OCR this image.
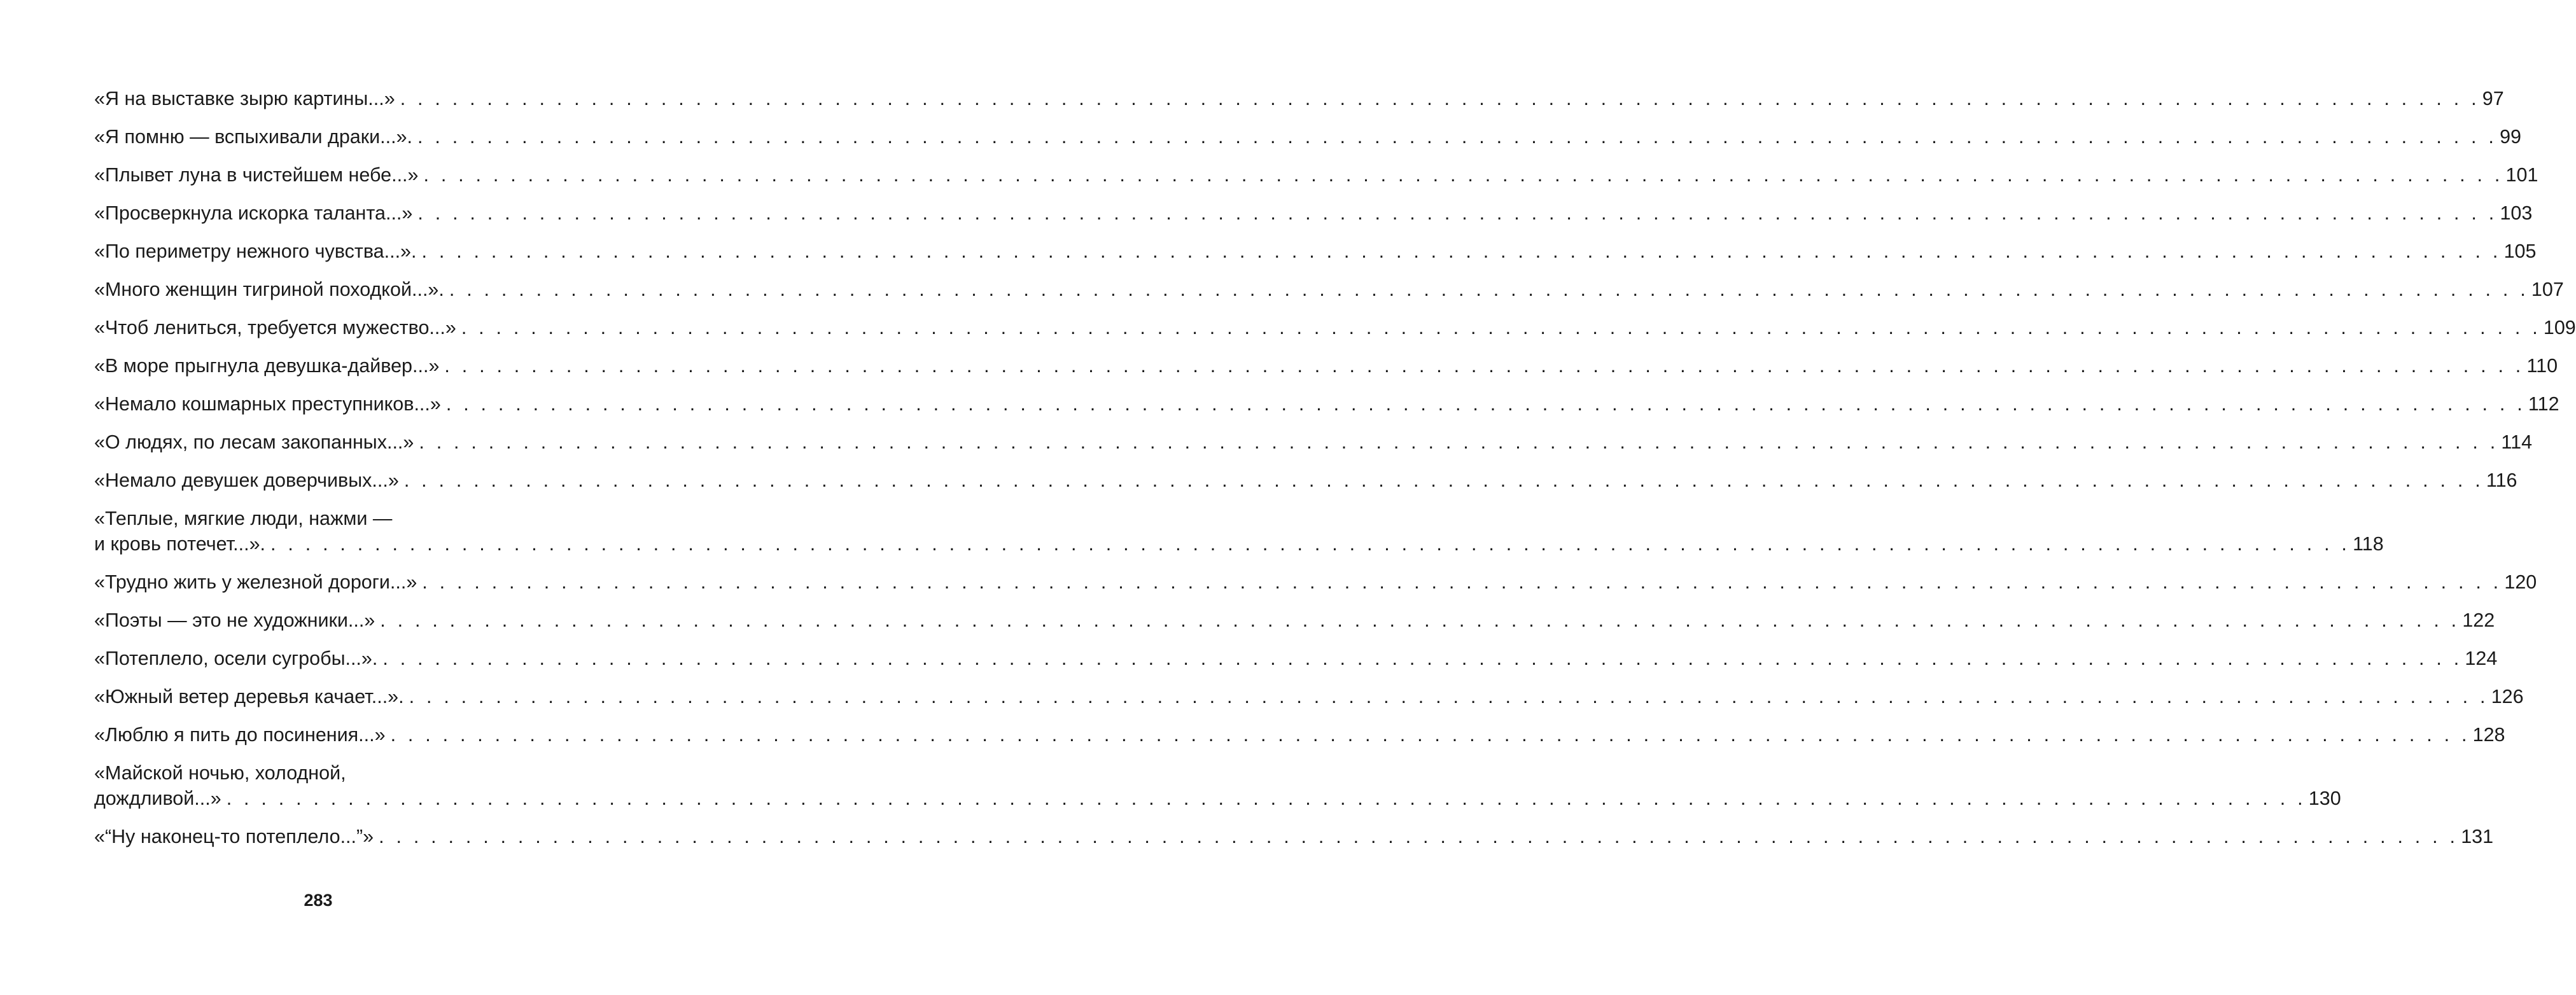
«Я на выставке зырю картины...» . . . . . . . . . . . . . . . . . . . . . . . . . . . . . . . . . . . . . . . . . . . . . . . . . . . . . . . . . . . . . . . . . . . . . . . . . . . . . . . . . . . . . . . . . . . . . . . . . . . . . . . . . . . . . . . . . . . . . . . . 97
«Я помню — вспыхивали драки...». . . . . . . . . . . . . . . . . . . . . . . . . . . . . . . . . . . . . . . . . . . . . . . . . . . . . . . . . . . . . . . . . . . . . . . . . . . . . . . . . . . . . . . . . . . . . . . . . . . . . . . . . . . . . . . . . . . . . . . . . 99
«Плывет луна в чистейшем небе...» . . . . . . . . . . . . . . . . . . . . . . . . . . . . . . . . . . . . . . . . . . . . . . . . . . . . . . . . . . . . . . . . . . . . . . . . . . . . . . . . . . . . . . . . . . . . . . . . . . . . . . . . . . . . . . . . . . . . . . . . 101
«Просверкнула искорка таланта...» . . . . . . . . . . . . . . . . . . . . . . . . . . . . . . . . . . . . . . . . . . . . . . . . . . . . . . . . . . . . . . . . . . . . . . . . . . . . . . . . . . . . . . . . . . . . . . . . . . . . . . . . . . . . . . . . . . . . . . . . 103
«По периметру нежного чувства...». . . . . . . . . . . . . . . . . . . . . . . . . . . . . . . . . . . . . . . . . . . . . . . . . . . . . . . . . . . . . . . . . . . . . . . . . . . . . . . . . . . . . . . . . . . . . . . . . . . . . . . . . . . . . . . . . . . . . . . . . 105
«Много женщин тигриной походкой...». . . . . . . . . . . . . . . . . . . . . . . . . . . . . . . . . . . . . . . . . . . . . . . . . . . . . . . . . . . . . . . . . . . . . . . . . . . . . . . . . . . . . . . . . . . . . . . . . . . . . . . . . . . . . . . . . . . . . . . . . 107
«Чтоб лениться, требуется мужество...» . . . . . . . . . . . . . . . . . . . . . . . . . . . . . . . . . . . . . . . . . . . . . . . . . . . . . . . . . . . . . . . . . . . . . . . . . . . . . . . . . . . . . . . . . . . . . . . . . . . . . . . . . . . . . . . . . . . . . . . . 109
«В море прыгнула девушка-дайвер...» . . . . . . . . . . . . . . . . . . . . . . . . . . . . . . . . . . . . . . . . . . . . . . . . . . . . . . . . . . . . . . . . . . . . . . . . . . . . . . . . . . . . . . . . . . . . . . . . . . . . . . . . . . . . . . . . . . . . . . . . 110
«Немало кошмарных преступников...» . . . . . . . . . . . . . . . . . . . . . . . . . . . . . . . . . . . . . . . . . . . . . . . . . . . . . . . . . . . . . . . . . . . . . . . . . . . . . . . . . . . . . . . . . . . . . . . . . . . . . . . . . . . . . . . . . . . . . . . . 112
«О людях, по лесам закопанных...» . . . . . . . . . . . . . . . . . . . . . . . . . . . . . . . . . . . . . . . . . . . . . . . . . . . . . . . . . . . . . . . . . . . . . . . . . . . . . . . . . . . . . . . . . . . . . . . . . . . . . . . . . . . . . . . . . . . . . . . . 114
«Немало девушек доверчивых...» . . . . . . . . . . . . . . . . . . . . . . . . . . . . . . . . . . . . . . . . . . . . . . . . . . . . . . . . . . . . . . . . . . . . . . . . . . . . . . . . . . . . . . . . . . . . . . . . . . . . . . . . . . . . . . . . . . . . . . . . 116
«Теплые, мягкие люди, нажми —
и кровь потечет...». . . . . . . . . . . . . . . . . . . . . . . . . . . . . . . . . . . . . . . . . . . . . . . . . . . . . . . . . . . . . . . . . . . . . . . . . . . . . . . . . . . . . . . . . . . . . . . . . . . . . . . . . . . . . . . . . . . . . . . . . 118
«Трудно жить у железной дороги...» . . . . . . . . . . . . . . . . . . . . . . . . . . . . . . . . . . . . . . . . . . . . . . . . . . . . . . . . . . . . . . . . . . . . . . . . . . . . . . . . . . . . . . . . . . . . . . . . . . . . . . . . . . . . . . . . . . . . . . . . 120
«Поэты — это не художники...» . . . . . . . . . . . . . . . . . . . . . . . . . . . . . . . . . . . . . . . . . . . . . . . . . . . . . . . . . . . . . . . . . . . . . . . . . . . . . . . . . . . . . . . . . . . . . . . . . . . . . . . . . . . . . . . . . . . . . . . . 122
«Потеплело, осели сугробы...». . . . . . . . . . . . . . . . . . . . . . . . . . . . . . . . . . . . . . . . . . . . . . . . . . . . . . . . . . . . . . . . . . . . . . . . . . . . . . . . . . . . . . . . . . . . . . . . . . . . . . . . . . . . . . . . . . . . . . . . . 124
«Южный ветер деревья качает...». . . . . . . . . . . . . . . . . . . . . . . . . . . . . . . . . . . . . . . . . . . . . . . . . . . . . . . . . . . . . . . . . . . . . . . . . . . . . . . . . . . . . . . . . . . . . . . . . . . . . . . . . . . . . . . . . . . . . . . . . 126
«Люблю я пить до посинения...» . . . . . . . . . . . . . . . . . . . . . . . . . . . . . . . . . . . . . . . . . . . . . . . . . . . . . . . . . . . . . . . . . . . . . . . . . . . . . . . . . . . . . . . . . . . . . . . . . . . . . . . . . . . . . . . . . . . . . . . . 128
«Майской ночью, холодной,
дождливой...» . . . . . . . . . . . . . . . . . . . . . . . . . . . . . . . . . . . . . . . . . . . . . . . . . . . . . . . . . . . . . . . . . . . . . . . . . . . . . . . . . . . . . . . . . . . . . . . . . . . . . . . . . . . . . . . . . . . . . . . . 130
«“Ну наконец-то потеплело...”» . . . . . . . . . . . . . . . . . . . . . . . . . . . . . . . . . . . . . . . . . . . . . . . . . . . . . . . . . . . . . . . . . . . . . . . . . . . . . . . . . . . . . . . . . . . . . . . . . . . . . . . . . . . . . . . . . . . . . . . . 131
283
